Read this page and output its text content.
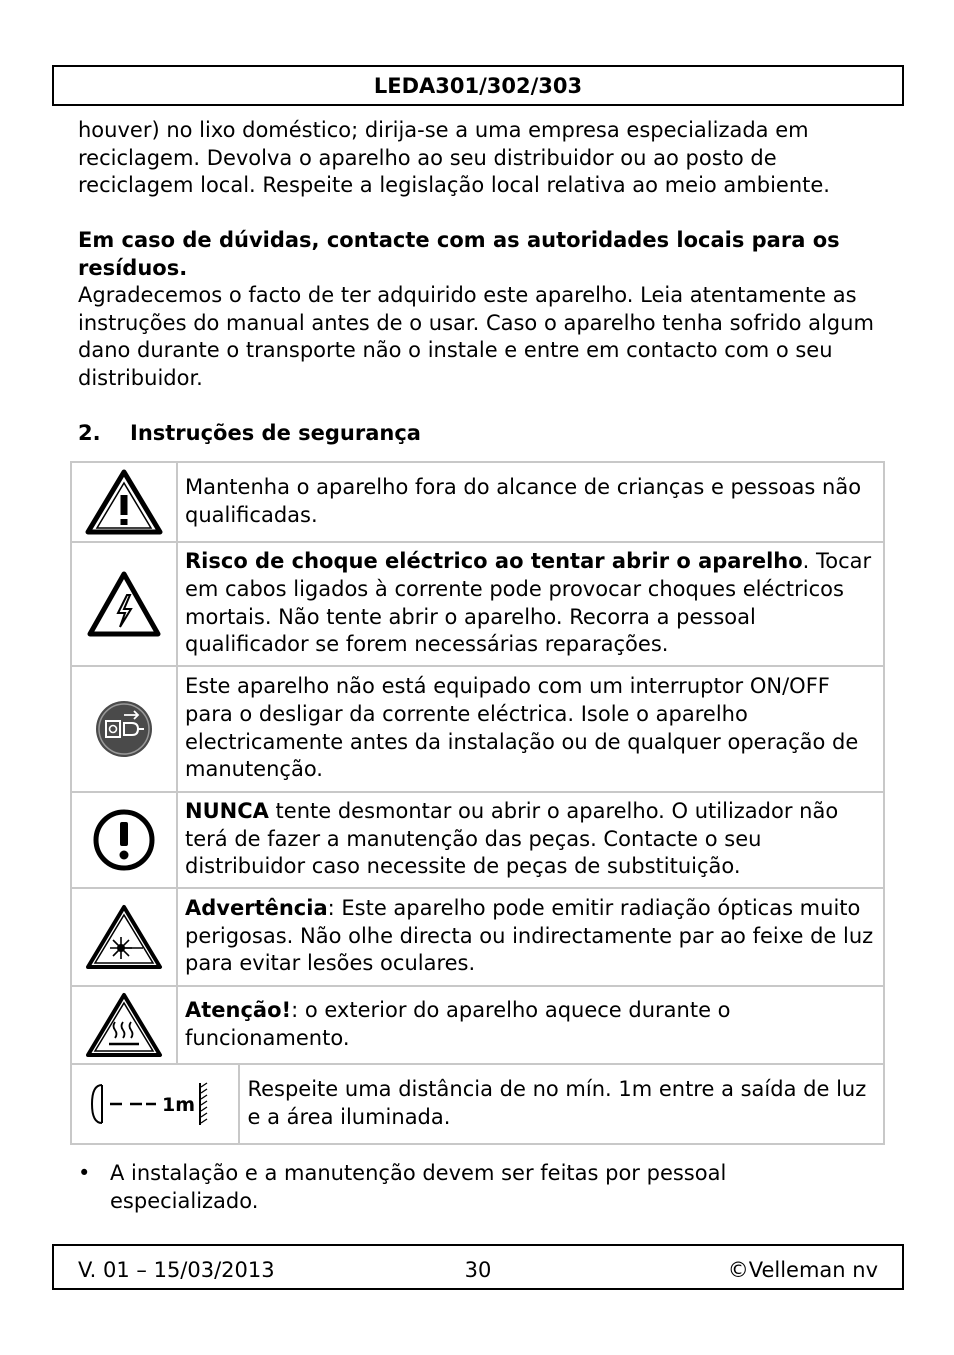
LEDA301/302/303
houver) no lixo doméstico; dirija-se a uma empresa especializada em reciclagem. Devolva o aparelho ao seu distribuidor ou ao posto de reciclagem local. Respeite a legislação local relativa ao meio ambiente.
Em caso de dúvidas, contacte com as autoridades locais para os resíduos.
Agradecemos o facto de ter adquirido este aparelho. Leia atentamente as instruções do manual antes de o usar. Caso o aparelho tenha sofrido algum dano durante o transporte não o instale e entre em contacto com o seu distribuidor.
2. Instruções de segurança
	Mantenha o aparelho fora do alcance de crianças e pessoas não qualificadas.	

	Risco de choque eléctrico ao tentar abrir o aparelho. Tocar em cabos ligados à corrente pode provocar choques eléctricos mortais. Não tente abrir o aparelho. Recorra a pessoal qualificador se forem necessárias reparações.	

	Este aparelho não está equipado com um interruptor ON/OFF para o desligar da corrente eléctrica. Isole o aparelho electricamente antes da instalação ou de qualquer operação de manutenção.	

	NUNCA tente desmontar ou abrir o aparelho. O utilizador não terá de fazer a manutenção das peças. Contacte o seu distribuidor caso necessite de peças de substituição.	

	Advertência: Este aparelho pode emitir radiação ópticas muito perigosas. Não olhe directa ou indirectamente par ao feixe de luz para evitar lesões oculares.	

	Atenção!: o exterior do aparelho aquece durante o funcionamento.	

1m		Respeite uma distância de no mín. 1m entre a saída de luz e a área iluminada.
• A instalação e a manutenção devem ser feitas por pessoal especializado.
V. 01 – 15/03/2013	30	©Velleman nv
